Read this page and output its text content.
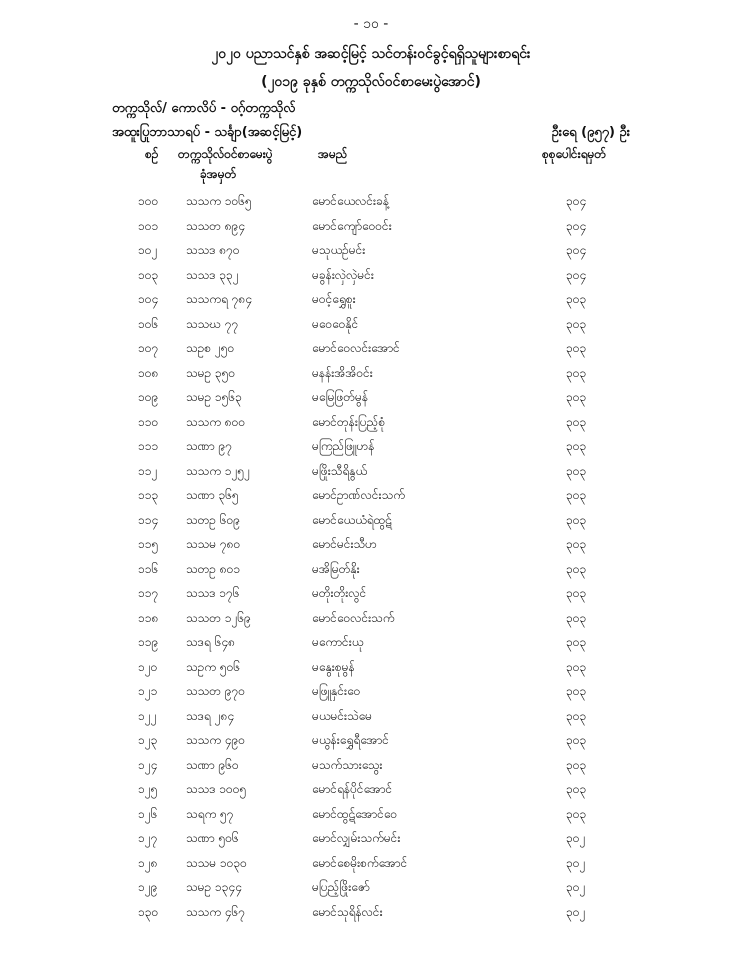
- ၁၀ -
၂၀၂၀ ပညာသင်နှစ် အဆင့်မြင့် သင်တန်းဝင်ခွင့်ရရှိသူများစာရင်း
(၂၀၁၉ ခုနှစ် တက္ကသိုလ်ဝင်စာမေးပွဲအောင်)
တက္ကသိုလ်/ ကောလိပ် - ဝဂ့်တက္ကသိုလ်
အထူးပြုဘာသာရပ် - သင်္ချာ(အဆင့်မြင့်)	ဦးရေ (၉၅၇) ဦး
စဉ် တက္ကသိုလ်ဝင်စာမေးပွဲ
ခုံအမှတ်
အမည်	စုစုပေါင်းရမှတ်
၁၀၀ သသက ၁၀၆၅	မောင်ယေလင်းခန့်	၃၀၄
၁၀၁ သသတ ၈၉၄	မောင်ကျော်ဝေဝင်း	၃၀၄
၁၀၂ သသဒ ၈၇၀	မသုယဥ်မင်း	၃၀၄
၁၀၃ သသဒ ၃၃၂	မခွန်းလှဲလှဲမင်း	၃၀၄
၁၀၄ သသကရ ၇၈၄	မဝင့်ရွှေစူး	၃၀၃
၁၀၆ သသဃ ၇၇	မဝေဝေနိုင်	၃၀၃
၁၀၇ သဥစ ၂၅၀	မောင်ဝေလင်းအောင်	၃၀၃
၁၀၈ သမဥ ၃၅၀	မနန်းအိအိဝင်း	၃၀၃
၁၀၉ သမဥ ၁၅၆၃	မမြေဖြတ်မွန်	၃၀၃
၁၁၀ သသက ၈၀၀	မောင်တုန်းပြည့်စုံ	၃၀၃
၁၁၁ သဏာ ၉၇	မကြည်ဖြူဟန်	၃၀၃
၁၁၂ သသက ၁၂၅၂	မဖြိုးသီရိနွယ်	၃၀၃
၁၁၃ သဏာ ၃၆၅	မောင်ဥာဏ်လင်းသက်	၃၀၃
၁၁၄ သတဥ ၆၀၉	မောင်ယေယံရဲထွဋ်	၃၀၃
၁၁၅ သသမ ၇၈၀	မောင်မင်းသီဟ	၃၀၃
၁၁၆ သတဥ ၈၀၁	မအိမြတ်နိုး	၃၀၃
၁၁၇ သသဒ ၁၇၆	မတိုးတိုးလွင်	၃၀၃
၁၁၈ သသတ ၁၂၆၉	မောင်ဝေလင်းသက်	၃၀၃
၁၁၉ သဒရ ၆၄၈	မကောင်းယု	၃၀၃
၁၂၀ သဥက ၅၀၆	မနွေးစုမွန်	၃၀၃
၁၂၁ သသတ ၉၇၀	မဖြူနှင်းဝေ	၃၀၃
၁၂၂ သဒရ ၂၈၄	မယမင်းသဲမေ	၃၀၃
၁၂၃ သသက ၄၉၀	မယွန်းရွှေရီအောင်	၃၀၃
၁၂၄ သဏာ ၉၆၀	မသက်သားသွေး	၃၀၃
၁၂၅ သသဒ ၁၀၀၅	မောင်ရန်ပိုင်အောင်	၃၀၃
၁၂၆ သရက ၅၇	မောင်ထွဋ်အောင်ဝေ	၃၀၃
၁၂၇ သဏာ ၅၀၆	မောင်လျှမ်းသက်မင်း	၃၀၂
၁၂၈ သသမ ၁၀၃၀	မောင်စေမိုးစက်အောင်	၃၀၂
၁၂၉ သမဥ ၁၃၄၄	မပြည့်ဖြိုးဇော်	၃၀၂
၁၃၀ သသက ၄၆၇	မောင်သုရိန်လင်း	၃၀၂
